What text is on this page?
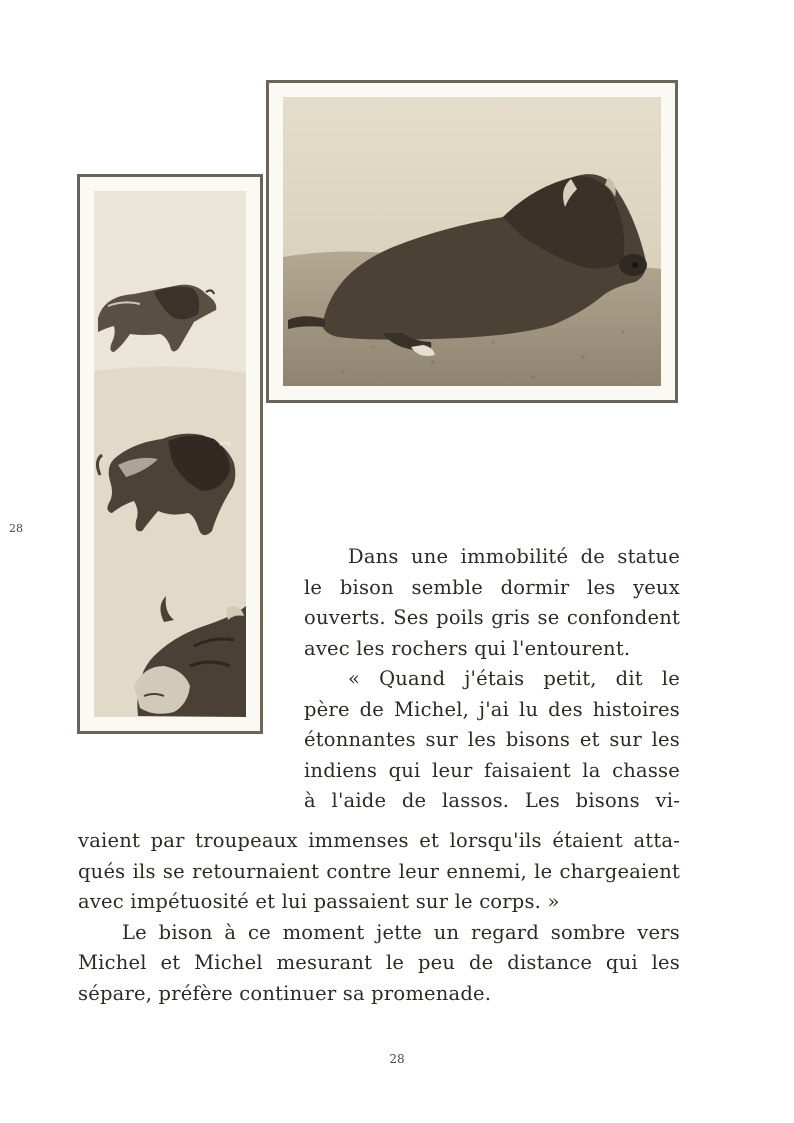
28

Dans une immobilité de statue

le bison semble dormir les yeux

ouverts. Ses poils gris se confondent

avec les rochers qui l'entourent.

« Quand j'étais petit, dit le

père de Michel, j'ai lu des histoires

étonnantes sur les bisons et sur les

indiens qui leur faisaient la chasse

à l'aide de lassos. Les bisons vi-

vaient par troupeaux immenses et lorsqu'ils étaient atta-

qués ils se retournaient contre leur ennemi, le chargeaient

avec impétuosité et lui passaient sur le corps. »

Le bison à ce moment jette un regard sombre vers

Michel et Michel mesurant le peu de distance qui les

sépare, préfère continuer sa promenade.

28
